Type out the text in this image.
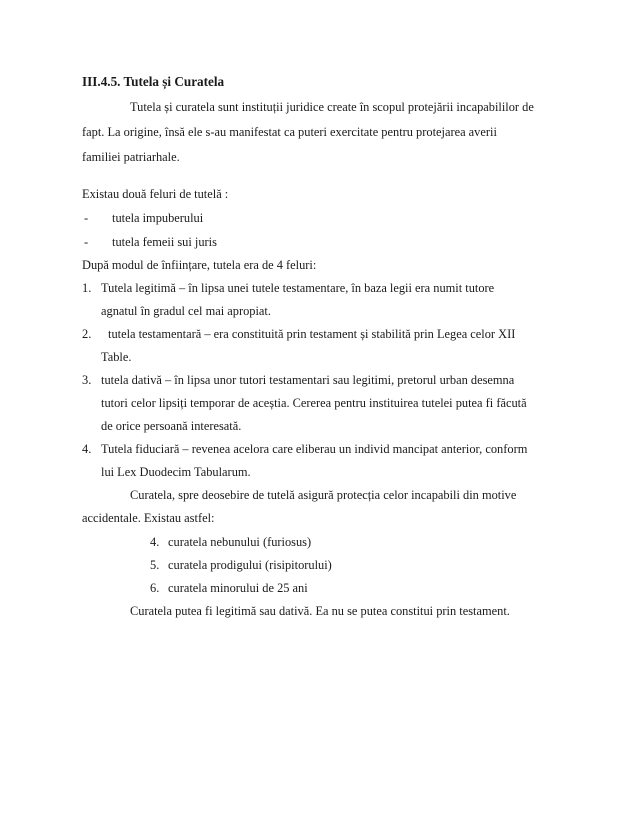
III.4.5. Tutela și Curatela
Tutela și curatela sunt instituții juridice create în scopul protejării incapabililor de
fapt. La origine, însă ele s-au manifestat ca puteri exercitate pentru protejarea averii
familiei patriarhale.
Existau două feluri de tutelă :
- tutela impuberului
- tutela femeii sui juris
După modul de înființare, tutela era de 4 feluri:
1. Tutela legitimă – în lipsa unei tutele testamentare, în baza legii era numit tutore
agnatul în gradul cel mai apropiat.
2. tutela testamentară – era constituită prin testament și stabilită prin Legea celor XII
Table.
3. tutela dativă – în lipsa unor tutori testamentari sau legitimi, pretorul urban desemna
tutori celor lipsiți temporar de aceștia. Cererea pentru instituirea tutelei putea fi făcută
de orice persoană interesată.
4. Tutela fiduciară – revenea acelora care eliberau un individ mancipat anterior, conform
lui Lex Duodecim Tabularum.
Curatela, spre deosebire de tutelă asigură protecția celor incapabili din motive
accidentale. Existau astfel:
4. curatela nebunului (furiosus)
5. curatela prodigului (risipitorului)
6. curatela minorului de 25 ani
Curatela putea fi legitimă sau dativă. Ea nu se putea constitui prin testament.
